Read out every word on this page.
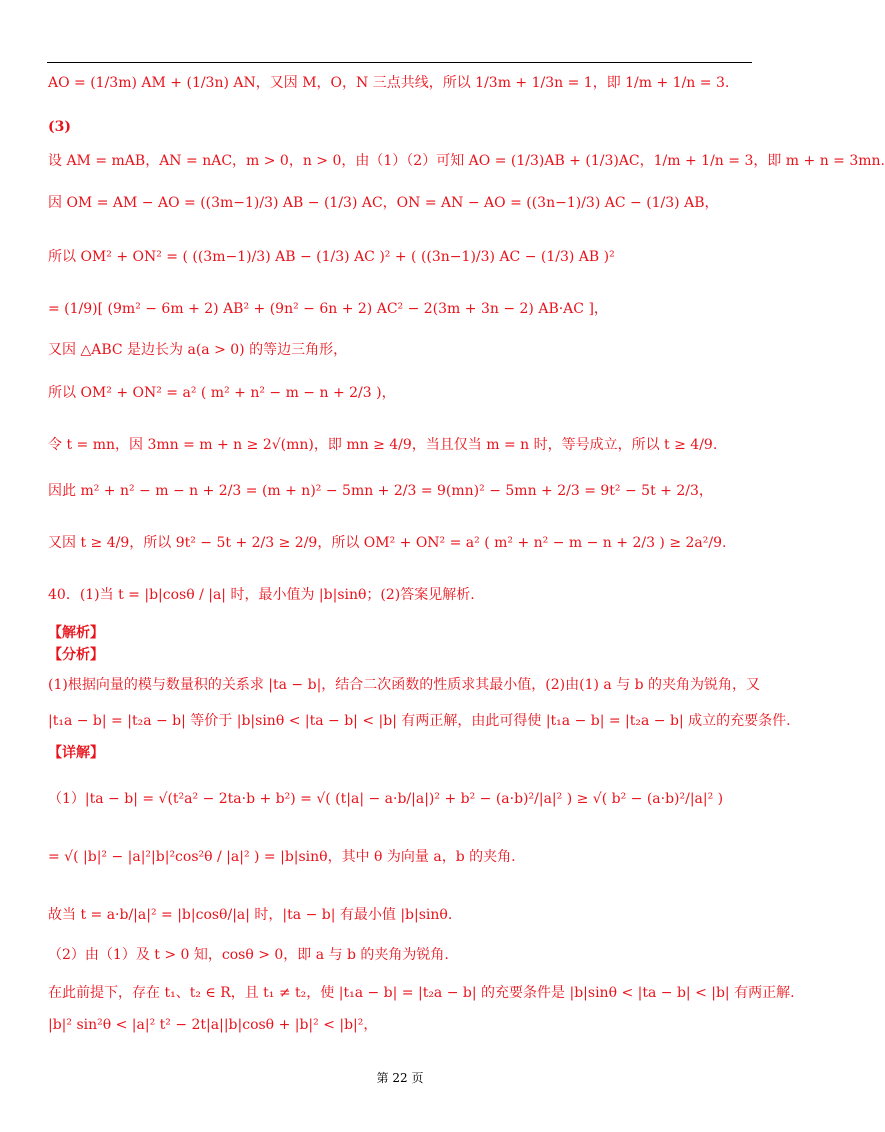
AO = (1/3m) AM + (1/3n) AN，又因 M，O，N 三点共线，所以 1/3m + 1/3n = 1，即 1/m + 1/n = 3.
(3)
设 AM = mAB，AN = nAC，m > 0，n > 0，由（1）（2）可知 AO = (1/3)AB + (1/3)AC，1/m + 1/n = 3，即 m + n = 3mn.
因 OM = AM − AO = ((3m−1)/3) AB − (1/3) AC，ON = AN − AO = ((3n−1)/3) AC − (1/3) AB，
所以 OM² + ON² = ( ((3m−1)/3) AB − (1/3) AC )² + ( ((3n−1)/3) AC − (1/3) AB )²
= (1/9)[ (9m² − 6m + 2) AB² + (9n² − 6n + 2) AC² − 2(3m + 3n − 2) AB·AC ]，
又因 △ABC 是边长为 a(a > 0) 的等边三角形，
所以 OM² + ON² = a² ( m² + n² − m − n + 2/3 )，
令 t = mn，因 3mn = m + n ≥ 2√(mn)，即 mn ≥ 4/9，当且仅当 m = n 时，等号成立，所以 t ≥ 4/9.
因此 m² + n² − m − n + 2/3 = (m + n)² − 5mn + 2/3 = 9(mn)² − 5mn + 2/3 = 9t² − 5t + 2/3，
又因 t ≥ 4/9，所以 9t² − 5t + 2/3 ≥ 2/9，所以 OM² + ON² = a² ( m² + n² − m − n + 2/3 ) ≥ 2a²/9.
40．(1)当 t = |b|cosθ / |a| 时，最小值为 |b|sinθ；(2)答案见解析.
【解析】
【分析】
(1)根据向量的模与数量积的关系求 |ta − b|，结合二次函数的性质求其最小值，(2)由(1) a 与 b 的夹角为锐角，又
|t₁a − b| = |t₂a − b| 等价于 |b|sinθ < |ta − b| < |b| 有两正解，由此可得使 |t₁a − b| = |t₂a − b| 成立的充要条件.
【详解】
（1）|ta − b| = √(t²a² − 2ta·b + b²) = √( (t|a| − a·b/|a|)² + b² − (a·b)²/|a|² ) ≥ √( b² − (a·b)²/|a|² )
= √( |b|² − |a|²|b|²cos²θ / |a|² ) = |b|sinθ，其中 θ 为向量 a，b 的夹角.
故当 t = a·b/|a|² = |b|cosθ/|a| 时，|ta − b| 有最小值 |b|sinθ.
（2）由（1）及 t > 0 知，cosθ > 0，即 a 与 b 的夹角为锐角.
在此前提下，存在 t₁、t₂ ∈ R，且 t₁ ≠ t₂，使 |t₁a − b| = |t₂a − b| 的充要条件是 |b|sinθ < |ta − b| < |b| 有两正解.
|b|² sin²θ < |a|² t² − 2t|a||b|cosθ + |b|² < |b|²，
第 22 页
